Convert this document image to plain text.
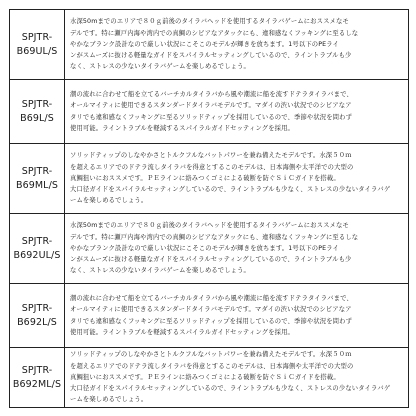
SPJTR-
B69UL/S	水深50mまでのエリアで８０ｇ前後のタイラバヘッドを使用するタイラバゲームにおススメなモ
デルです。特に瀬戸内海や湾内での真鯛のシビアなアタックにも、違和感なくフッキングに至るしな
やかなブランク設計なので厳しい状況にこそこのモデルが輝きを放ちます。1号以下のPEライ
ンがスムーズに抜ける軽量なガイドをスパイラルセッティングしているので、ライントラブルも少
なく、ストレスの少ないタイラバゲームを楽しめるでしょう。

SPJTR-
B69L/S	潮の流れに合わせて船を立てるバーチカルタイラバから風や潮流に船を流すドテラタイラバまで、
オールマイティに使用できるスタンダードタイラバモデルです。マダイの渋い状況でのシビアなア
タリでも違和感なくフッキングに至るソリッドティップを採用しているので、季節や状況を問わず
使用可能。ライントラブルを軽減するスパイラルガイドセッティングを採用。

SPJTR-
B69ML/S	ソリッドティップのしなやかさとトルクフルなバットパワーを兼ね備えたモデルです。水深５０ｍ
を超えるエリアでのドテラ流しタイラバを得意とするこのモデルは、日本海側や太平洋での大型の
真鯛狙いにおススメです。ＰＥラインに絡みつくゴミによる破断を防ぐＳｉＣガイドを搭載。
大口径ガイドをスパイラルセッティングしているので、ライントラブルも少なく、ストレスの少ないタイラバゲ
ームを楽しめるでしょう。

SPJTR-
B692UL/S	水深50mまでのエリアで８０ｇ前後のタイラバヘッドを使用するタイラバゲームにおススメなモ
デルです。特に瀬戸内海や湾内での真鯛のシビアなアタックにも、違和感なくフッキングに至るしな
やかなブランク設計なので厳しい状況にこそこのモデルが輝きを放ちます。1号以下のPEライ
ンがスムーズに抜ける軽量なガイドをスパイラルセッティングしているので、ライントラブルも少
なく、ストレスの少ないタイラバゲームを楽しめるでしょう。

SPJTR-
B692L/S	潮の流れに合わせて船を立てるバーチカルタイラバから風や潮流に船を流すドテラタイラバまで、
オールマイティに使用できるスタンダードタイラバモデルです。マダイの渋い状況でのシビアなア
タリでも違和感なくフッキングに至るソリッドティップを採用しているので、季節や状況を問わず
使用可能。ライントラブルを軽減するスパイラルガイドセッティングを採用。

SPJTR-
B692ML/S	ソリッドティップのしなやかさとトルクフルなバットパワーを兼ね備えたモデルです。水深５０ｍ
を超えるエリアでのドテラ流しタイラバを得意とするこのモデルは、日本海側や太平洋での大型の
真鯛狙いにおススメです。ＰＥラインに絡みつくゴミによる破断を防ぐＳｉＣガイドを搭載。
大口径ガイドをスパイラルセッティングしているので、ライントラブルも少なく、ストレスの少ないタイラバゲ
ームを楽しめるでしょう。
